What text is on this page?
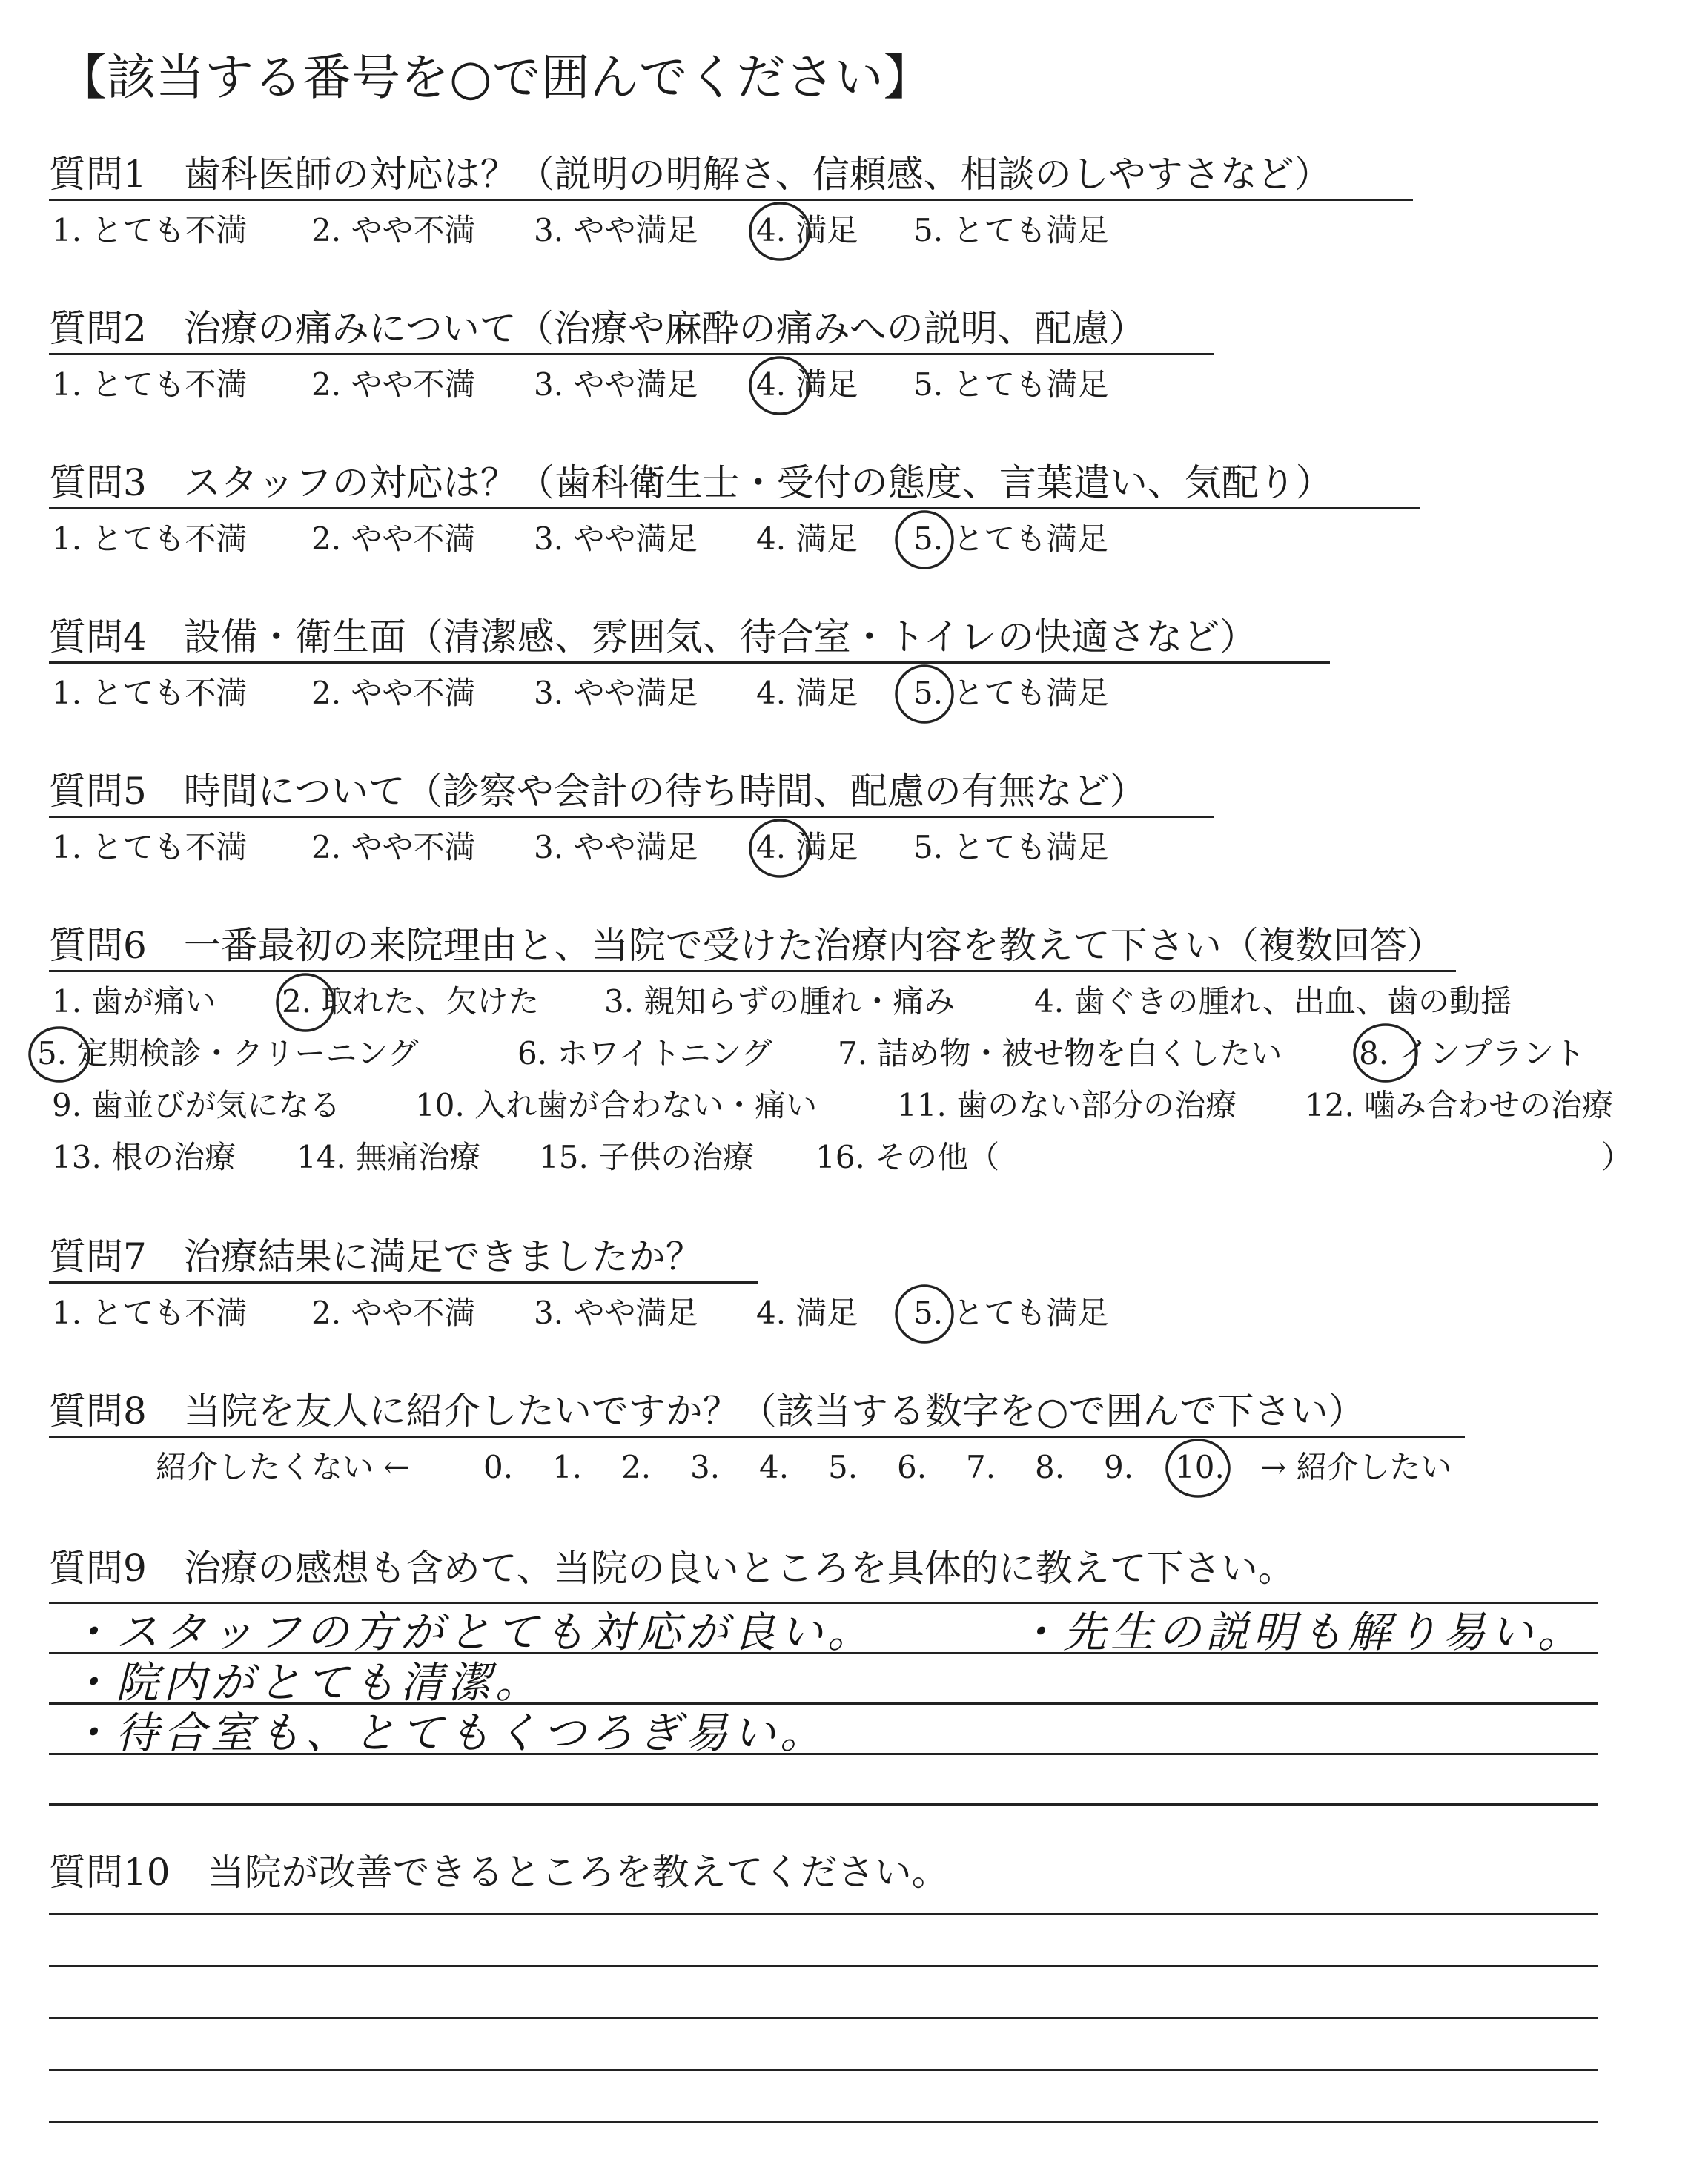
【該当する番号を○で囲んでください】
質問1　歯科医師の対応は？（説明の明解さ、信頼感、相談のしやすさなど）
1. とても不満 2. やや不満 3. やや満足 4. 満足 5. とても満足
質問2　治療の痛みについて（治療や麻酔の痛みへの説明、配慮）
1. とても不満 2. やや不満 3. やや満足 4. 満足 5. とても満足
質問3　スタッフの対応は？（歯科衛生士・受付の態度、言葉遣い、気配り）
1. とても不満 2. やや不満 3. やや満足 4. 満足 5. とても満足
質問4　設備・衛生面（清潔感、雰囲気、待合室・トイレの快適さなど）
1. とても不満 2. やや不満 3. やや満足 4. 満足 5. とても満足
質問5　時間について（診察や会計の待ち時間、配慮の有無など）
1. とても不満 2. やや不満 3. やや満足 4. 満足 5. とても満足
質問6　一番最初の来院理由と、当院で受けた治療内容を教えて下さい（複数回答）
1. 歯が痛い 2. 取れた、欠けた 3. 親知らずの腫れ・痛み	4. 歯ぐきの腫れ、出血、歯の動揺
5. 定期検診・クリーニング	6. ホワイトニング 7. 詰め物・被せ物を白くしたい 8. インプラント
9. 歯並びが気になる 10. 入れ歯が合わない・痛い	11. 歯のない部分の治療 12. 噛み合わせの治療
13. 根の治療 14. 無痛治療 15. 子供の治療 16. その他（	）
質問7　治療結果に満足できましたか？
1. とても不満 2. やや不満 3. やや満足 4. 満足 5. とても満足
質問8　当院を友人に紹介したいですか？（該当する数字を○で囲んで下さい）
紹介したくない ← 0. 1. 2. 3. 4. 5. 6. 7. 8. 9. 10. → 紹介したい
質問9　治療の感想も含めて、当院の良いところを具体的に教えて下さい。
・スタッフの方がとても対応が良い。	・先生の説明も解り易い。
・院内がとても清潔。
・待合室も、とてもくつろぎ易い。
質問10　当院が改善できるところを教えてください。
